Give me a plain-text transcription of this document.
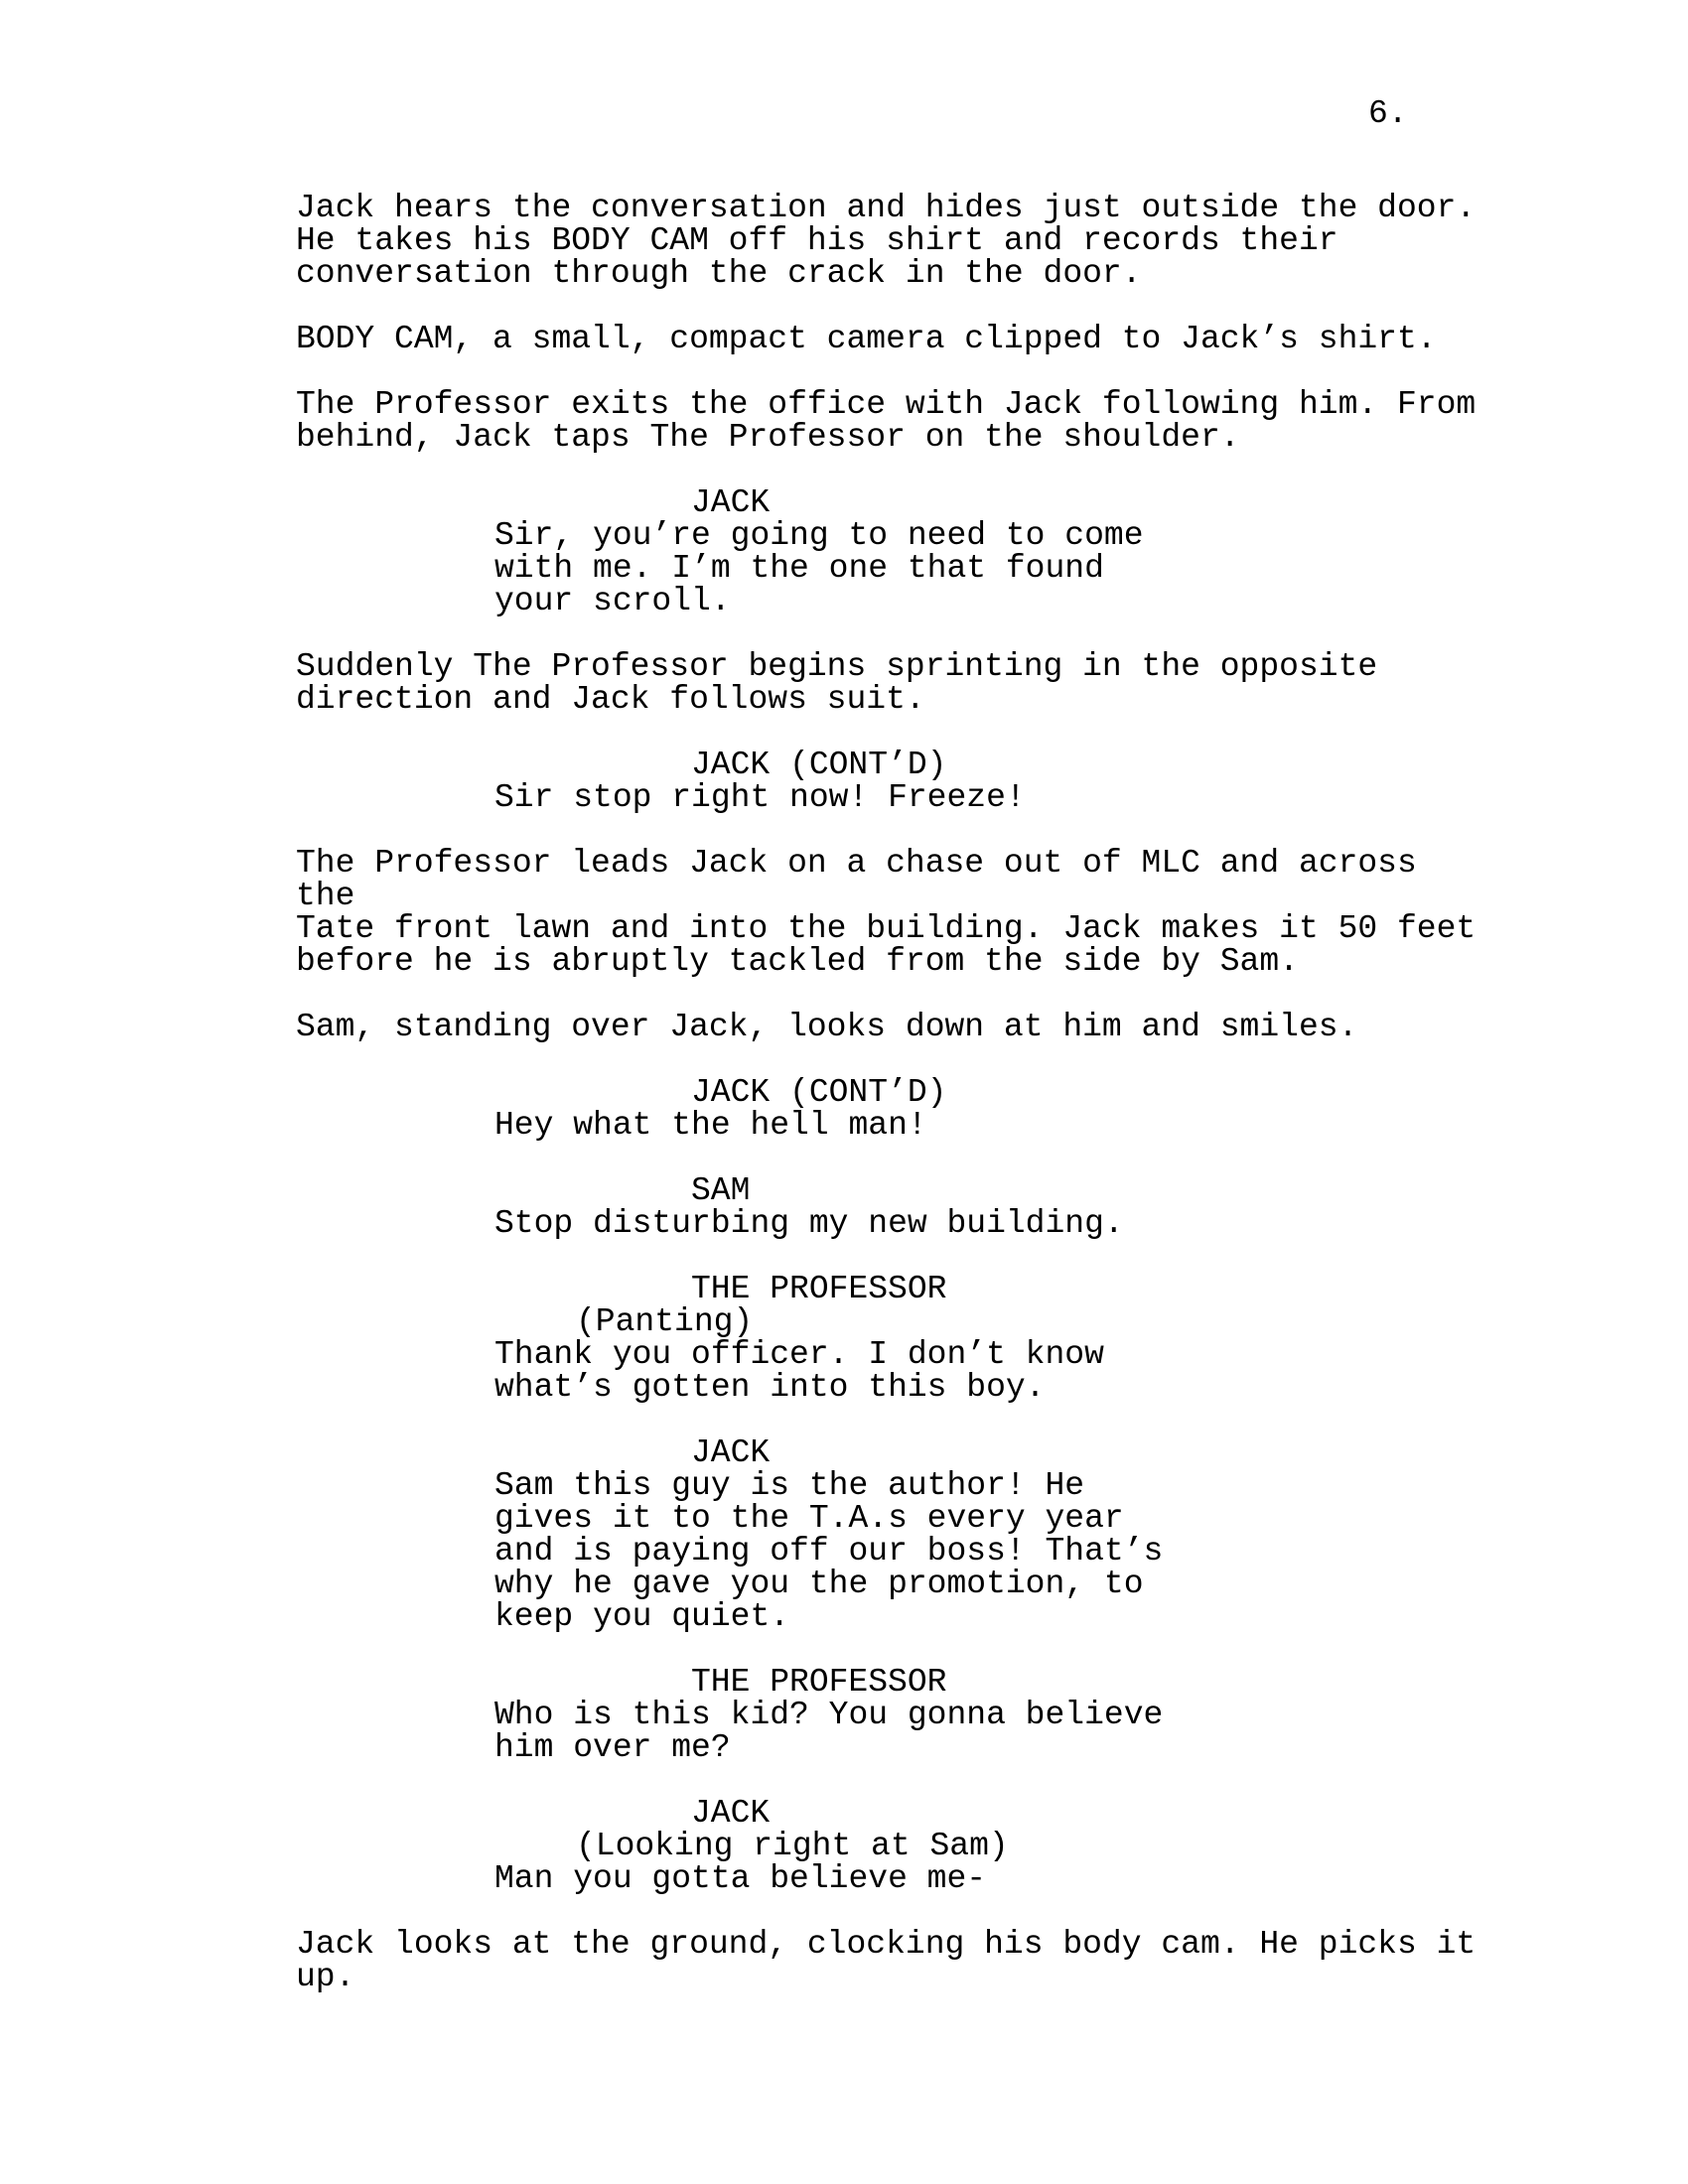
6.
Jack hears the conversation and hides just outside the door.
He takes his BODY CAM off his shirt and records their
conversation through the crack in the door.
BODY CAM, a small, compact camera clipped to Jack’s shirt.
The Professor exits the office with Jack following him. From
behind, Jack taps The Professor on the shoulder.
JACK
Sir, you’re going to need to come
with me. I’m the one that found
your scroll.
Suddenly The Professor begins sprinting in the opposite
direction and Jack follows suit.
JACK (CONT’D)
Sir stop right now! Freeze!
The Professor leads Jack on a chase out of MLC and across the
Tate front lawn and into the building. Jack makes it 50 feet
before he is abruptly tackled from the side by Sam.
Sam, standing over Jack, looks down at him and smiles.
JACK (CONT’D)
Hey what the hell man!
SAM
Stop disturbing my new building.
THE PROFESSOR
(Panting)
Thank you officer. I don’t know
what’s gotten into this boy.
JACK
Sam this guy is the author! He
gives it to the T.A.s every year
and is paying off our boss! That’s
why he gave you the promotion, to
keep you quiet.
THE PROFESSOR
Who is this kid? You gonna believe
him over me?
JACK
(Looking right at Sam)
Man you gotta believe me-
Jack looks at the ground, clocking his body cam. He picks it
up.
